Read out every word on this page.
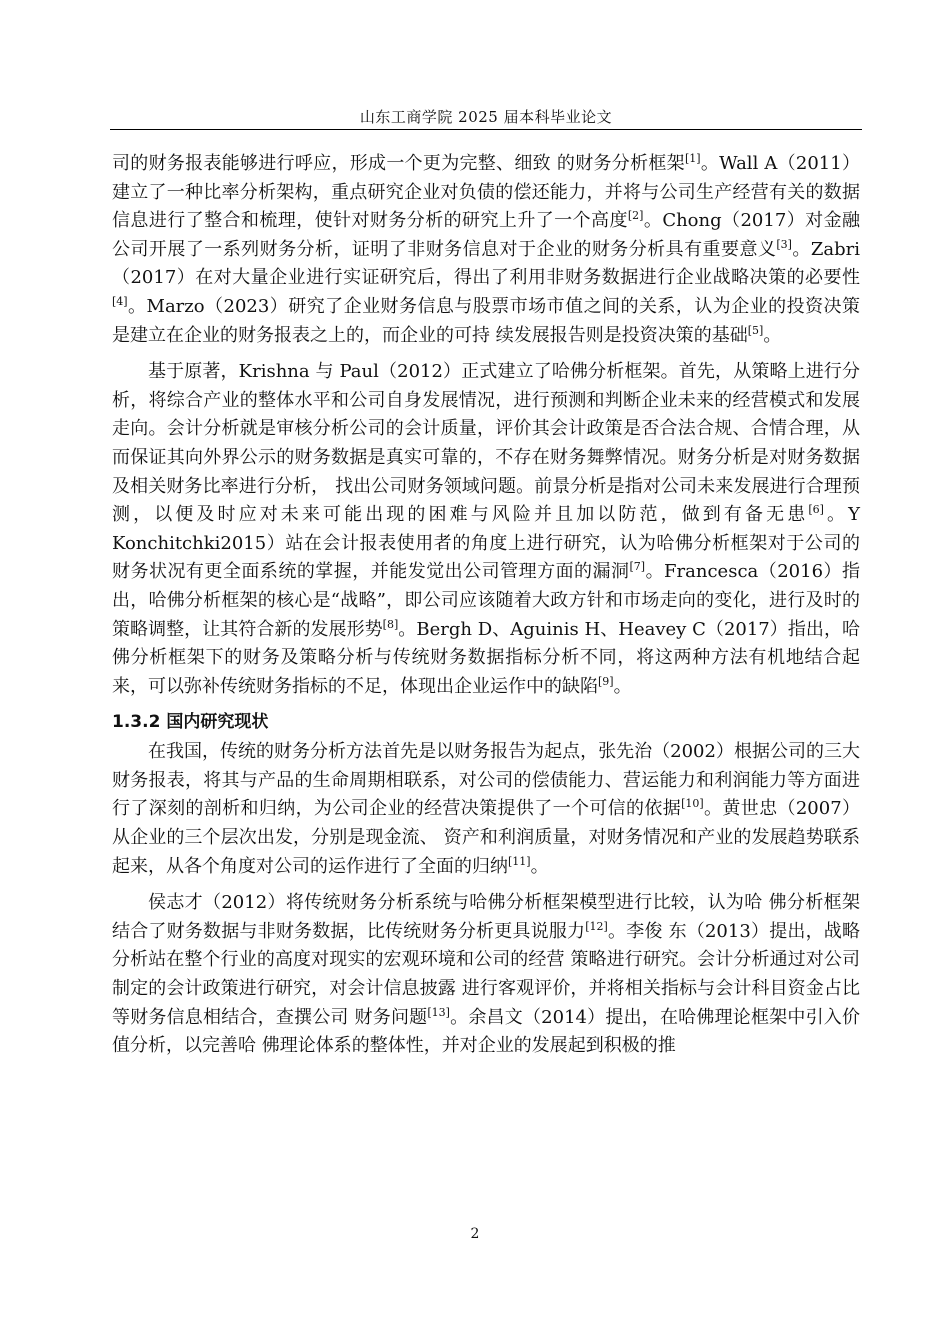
山东工商学院 2025 届本科毕业论文

司的财务报表能够进行呼应，形成一个更为完整、细致 的财务分析框架[1]。Wall A（2011）建立了一种比率分析架构，重点研究企业对负债的偿还能力，并将与公司生产经营有关的数据信息进行了整合和梳理，使针对财务分析的研究上升了一个高度[2]。Chong（2017）对金融公司开展了一系列财务分析，证明了非财务信息对于企业的财务分析具有重要意义[3]。Zabri（2017）在对大量企业进行实证研究后，得出了利用非财务数据进行企业战略决策的必要性[4]。Marzo（2023）研究了企业财务信息与股票市场市值之间的关系，认为企业的投资决策是建立在企业的财务报表之上的，而企业的可持 续发展报告则是投资决策的基础[5]。

基于原著，Krishna 与 Paul（2012）正式建立了哈佛分析框架。首先，从策略上进行分析，将综合产业的整体水平和公司自身发展情况，进行预测和判断企业未来的经营模式和发展走向。会计分析就是审核分析公司的会计质量，评价其会计政策是否合法合规、合情合理，从而保证其向外界公示的财务数据是真实可靠的，不存在财务舞弊情况。财务分析是对财务数据及相关财务比率进行分析， 找出公司财务领域问题。前景分析是指对公司未来发展进行合理预测，以便及时应对未来可能出现的困难与风险并且加以防范，做到有备无患[6]。Y Konchitchki2015）站在会计报表使用者的角度上进行研究，认为哈佛分析框架对于公司的财务状况有更全面系统的掌握，并能发觉出公司管理方面的漏洞[7]。Francesca（2016）指出，哈佛分析框架的核心是“战略”，即公司应该随着大政方针和市场走向的变化，进行及时的策略调整，让其符合新的发展形势[8]。Bergh D、Aguinis H、Heavey C（2017）指出，哈佛分析框架下的财务及策略分析与传统财务数据指标分析不同，将这两种方法有机地结合起来，可以弥补传统财务指标的不足，体现出企业运作中的缺陷[9]。

1.3.2 国内研究现状

在我国，传统的财务分析方法首先是以财务报告为起点，张先治（2002）根据公司的三大财务报表，将其与产品的生命周期相联系，对公司的偿债能力、营运能力和利润能力等方面进行了深刻的剖析和归纳，为公司企业的经营决策提供了一个可信的依据[10]。黄世忠（2007）从企业的三个层次出发，分别是现金流、 资产和利润质量，对财务情况和产业的发展趋势联系起来，从各个角度对公司的运作进行了全面的归纳[11]。

侯志才（2012）将传统财务分析系统与哈佛分析框架模型进行比较，认为哈 佛分析框架结合了财务数据与非财务数据，比传统财务分析更具说服力[12]。李俊 东（2013）提出，战略分析站在整个行业的高度对现实的宏观环境和公司的经营 策略进行研究。会计分析通过对公司制定的会计政策进行研究，对会计信息披露 进行客观评价，并将相关指标与会计科目资金占比等财务信息相结合，查撰公司 财务问题[13]。余昌文（2014）提出，在哈佛理论框架中引入价值分析，以完善哈 佛理论体系的整体性，并对企业的发展起到积极的推

2
